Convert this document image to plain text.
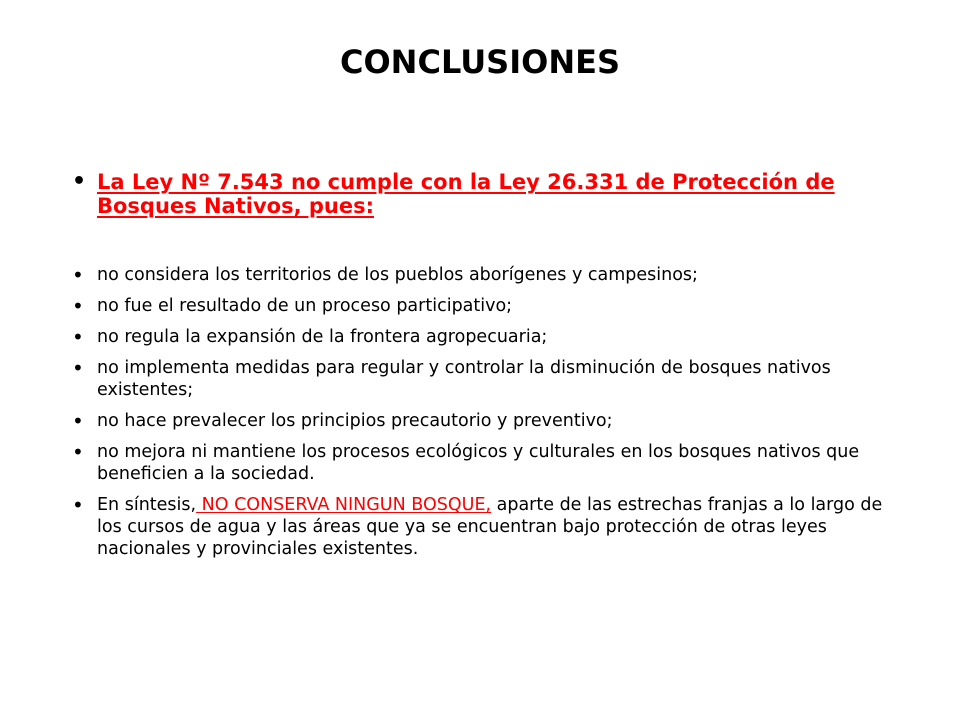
CONCLUSIONES
• La Ley Nº 7.543 no cumple con la Ley 26.331 de Protección de Bosques Nativos, pues:
• no considera los territorios de los pueblos aborígenes y campesinos;
• no fue el resultado de un proceso participativo;
• no regula la expansión de la frontera agropecuaria;
• no implementa medidas para regular y controlar la disminución de bosques nativos existentes;
• no hace prevalecer los principios precautorio y preventivo;
• no mejora ni mantiene los procesos ecológicos y culturales en los bosques nativos que beneficien a la sociedad.
• En síntesis, NO CONSERVA NINGUN BOSQUE, aparte de las estrechas franjas a lo largo de los cursos de agua y las áreas que ya se encuentran bajo protección de otras leyes nacionales y provinciales existentes.
